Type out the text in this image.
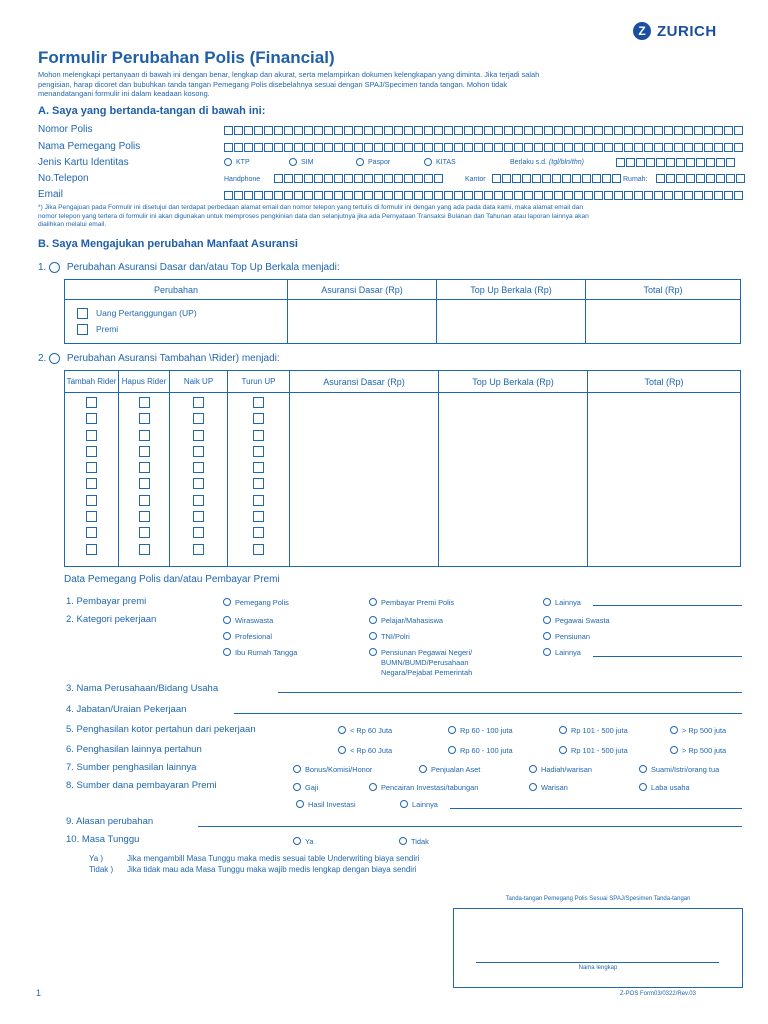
Z ZURICH
Formulir Perubahan Polis (Financial)
Mohon melengkapi pertanyaan di bawah ini dengan benar, lengkap dan akurat, serta melampirkan dokumen kelengkapan yang diminta. Jika terjadi salah pengisian, harap dicoret dan bubuhkan tanda tangan Pemegang Polis disebelahnya sesuai dengan SPAJ/Specimen tanda tangan. Mohon tidak menandatangani formulir ini dalam keadaan kosong.
A. Saya yang bertanda-tangan di bawah ini:
Nomor Polis
Nama Pemegang Polis
Jenis Kartu Identitas	KTP	SIM	Paspor	KITAS	Berlaku s.d. (tgl/bln/thn)
No.Telepon	Handphone	Kantor	Rumah:
Email
*) Jika Pengajuan pada Formulir ini disetujui dan terdapat perbedaan alamat email dan nomor telepon yang tertulis di formulir ini dengan yang ada pada data kami, maka alamat email dan nomor telepon yang tertera di formulir ini akan digunakan untuk memproses pengkinian data dan selanjutnya jika ada Pernyataan Transaksi Bulanan dan Tahunan atau laporan lainnya akan dialihkan melalui email.
B. Saya Mengajukan perubahan Manfaat Asuransi
1. Perubahan Asuransi Dasar dan/atau Top Up Berkala menjadi:
Perubahan	Asuransi Dasar (Rp)	Top Up Berkala (Rp)	Total (Rp)

Uang Pertanggungan (UP)
Premi			

2. Perubahan Asuransi Tambahan \Rider) menjadi:
Tambah Rider	Hapus Rider	Naik UP	Turun UP	Asuransi Dasar (Rp)	Top Up Berkala (Rp)	Total (Rp)

Data Pemegang Polis dan/atau Pembayar Premi
1. Pembayar premi	Pemegang Polis	Pembayar Premi Polis	Lainnya
2. Kategori pekerjaan	Wiraswasta	Pelajar/Mahasiswa	Pegawai Swasta
Profesional	TNI/Polri	Pensiunan
Ibu Rumah Tangga	Pensiunan Pegawai Negeri/ BUMN/BUMD/Perusahaan Negara/Pejabat Pemerintah
Lainnya
3. Nama Perusahaan/Bidang Usaha
4. Jabatan/Uraian Pekerjaan
5. Penghasilan kotor pertahun dari pekerjaan	< Rp 60 Juta	Rp 60 - 100 juta	Rp 101 - 500 juta	> Rp 500 juta
6. Penghasilan lainnya pertahun	< Rp 60 Juta	Rp 60 - 100 juta	Rp 101 - 500 juta	> Rp 500 juta
7. Sumber penghasilan lainnya	Bonus/Komisi/Honor	Penjualan Aset	Hadiah/warisan	Suami/Istri/orang tua
8. Sumber dana pembayaran Premi	Gaji	Pencairan Investasi/tabungan	Warisan	Laba usaha
Hasil Investasi	Lainnya
9. Alasan perubahan
10. Masa Tunggu	Ya	Tidak
Ya )	Jika mengambill Masa Tunggu maka medis sesuai table Underwriting biaya sendiri
Tidak ) Jika tidak mau ada Masa Tunggu maka wajib medis lengkap dengan biaya sendiri
Tanda-tangan Pemegang Polis Sesuai SPAJ/Spesimen Tanda-tangan
Nama lengkap
1	Z-POS Form03/0322/Rev.03
